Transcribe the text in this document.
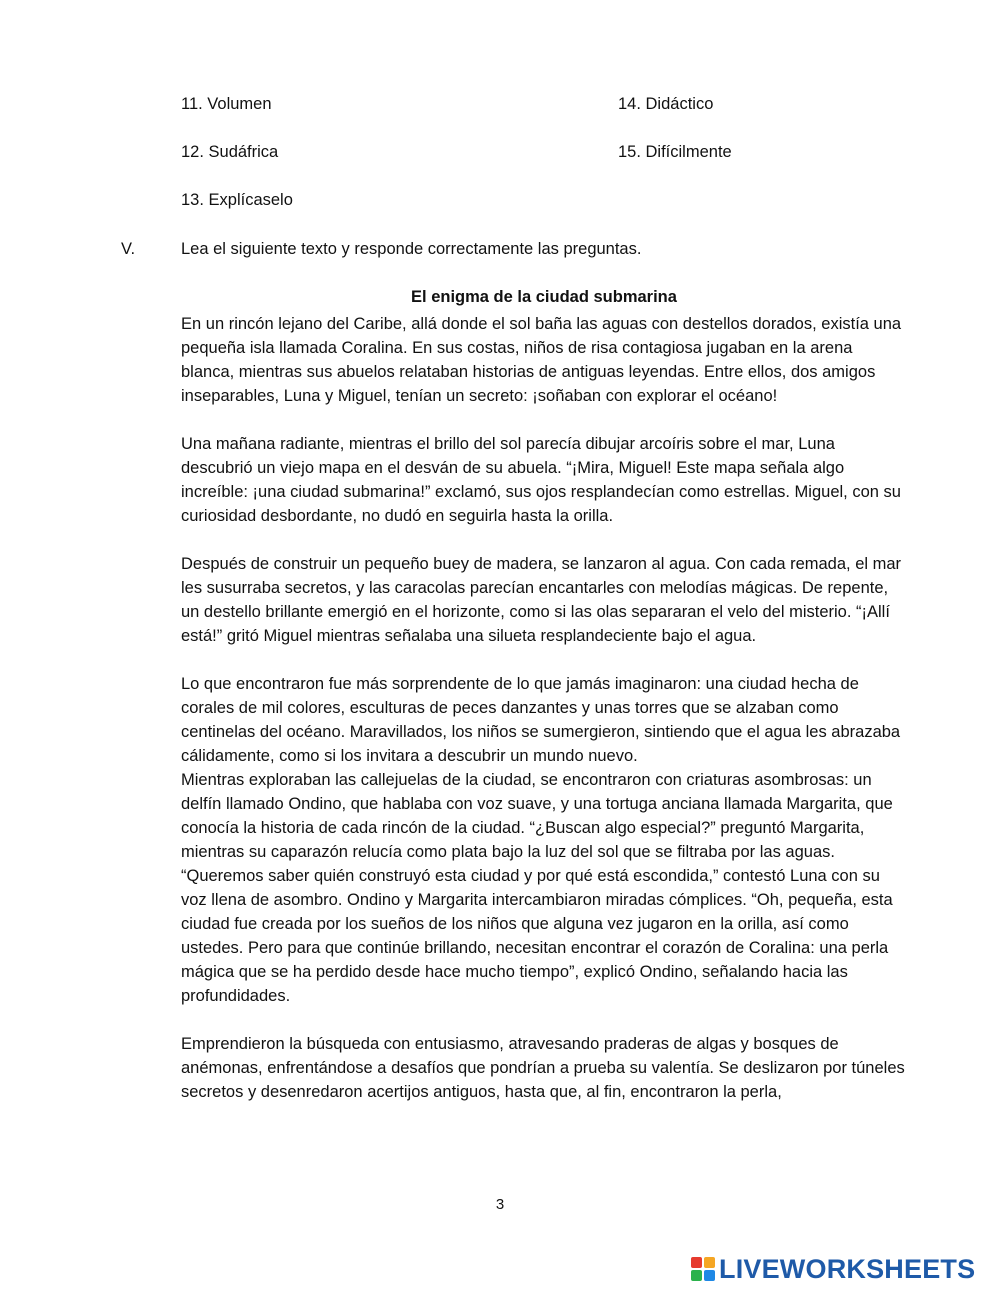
11. Volumen	14. Didáctico
12. Sudáfrica	15. Difícilmente
13. Explícaselo
V.	Lea el siguiente texto y responde correctamente las preguntas.
El enigma de la ciudad submarina

En un rincón lejano del Caribe, allá donde el sol baña las aguas con destellos dorados, existía una pequeña isla llamada Coralina. En sus costas, niños de risa contagiosa jugaban en la arena blanca, mientras sus abuelos relataban historias de antiguas leyendas. Entre ellos, dos amigos inseparables, Luna y Miguel, tenían un secreto: ¡soñaban con explorar el océano!

Una mañana radiante, mientras el brillo del sol parecía dibujar arcoíris sobre el mar, Luna descubrió un viejo mapa en el desván de su abuela. “¡Mira, Miguel! Este mapa señala algo increíble: ¡una ciudad submarina!” exclamó, sus ojos resplandecían como estrellas. Miguel, con su curiosidad desbordante, no dudó en seguirla hasta la orilla.

Después de construir un pequeño buey de madera, se lanzaron al agua. Con cada remada, el mar les susurraba secretos, y las caracolas parecían encantarles con melodías mágicas. De repente, un destello brillante emergió en el horizonte, como si las olas separaran el velo del misterio. “¡Allí está!” gritó Miguel mientras señalaba una silueta resplandeciente bajo el agua.

Lo que encontraron fue más sorprendente de lo que jamás imaginaron: una ciudad hecha de corales de mil colores, esculturas de peces danzantes y unas torres que se alzaban como centinelas del océano. Maravillados, los niños se sumergieron, sintiendo que el agua les abrazaba cálidamente, como si los invitara a descubrir un mundo nuevo.

Mientras exploraban las callejuelas de la ciudad, se encontraron con criaturas asombrosas: un delfín llamado Ondino, que hablaba con voz suave, y una tortuga anciana llamada Margarita, que conocía la historia de cada rincón de la ciudad. “¿Buscan algo especial?” preguntó Margarita, mientras su caparazón relucía como plata bajo la luz del sol que se filtraba por las aguas.

“Queremos saber quién construyó esta ciudad y por qué está escondida,” contestó Luna con su voz llena de asombro. Ondino y Margarita intercambiaron miradas cómplices. “Oh, pequeña, esta ciudad fue creada por los sueños de los niños que alguna vez jugaron en la orilla, así como ustedes. Pero para que continúe brillando, necesitan encontrar el corazón de Coralina: una perla mágica que se ha perdido desde hace mucho tiempo”, explicó Ondino, señalando hacia las profundidades.

Emprendieron la búsqueda con entusiasmo, atravesando praderas de algas y bosques de anémonas, enfrentándose a desafíos que pondrían a prueba su valentía. Se deslizaron por túneles secretos y desenredaron acertijos antiguos, hasta que, al fin, encontraron la perla,

3
LIVEWORKSHEETS
